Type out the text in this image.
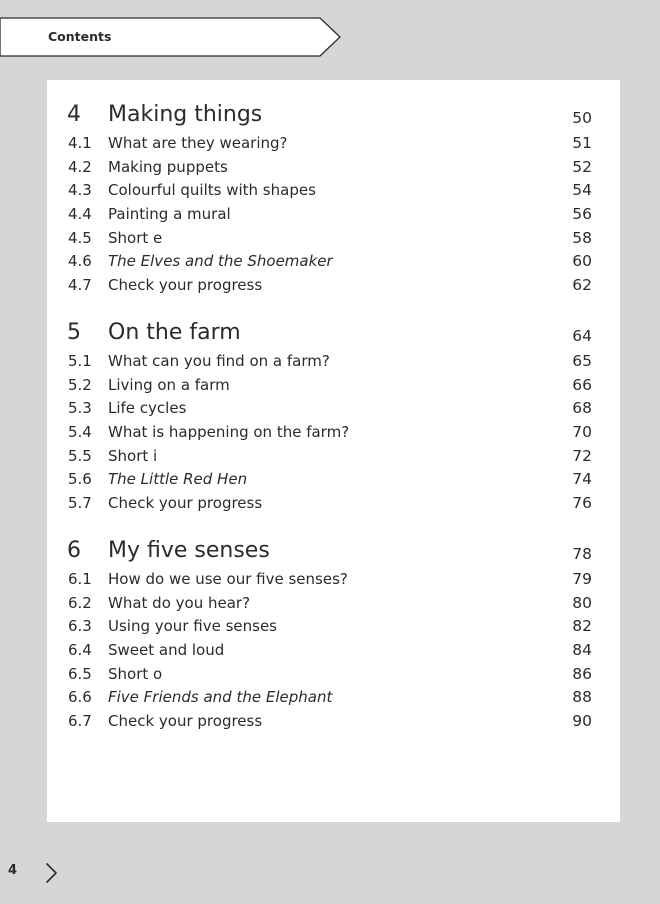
Contents
4 Making things	50
4.1 What are they wearing?	51
4.2 Making puppets	52
4.3 Colourful quilts with shapes	54
4.4 Painting a mural	56
4.5 Short e	58
4.6 The Elves and the Shoemaker	60
4.7 Check your progress	62
5 On the farm	64
5.1 What can you find on a farm?	65
5.2 Living on a farm	66
5.3 Life cycles	68
5.4 What is happening on the farm?	70
5.5 Short i	72
5.6 The Little Red Hen	74
5.7 Check your progress	76
6 My five senses	78
6.1 How do we use our five senses?	79
6.2 What do you hear?	80
6.3 Using your five senses	82
6.4 Sweet and loud	84
6.5 Short o	86
6.6 Five Friends and the Elephant	88
6.7 Check your progress	90
4
